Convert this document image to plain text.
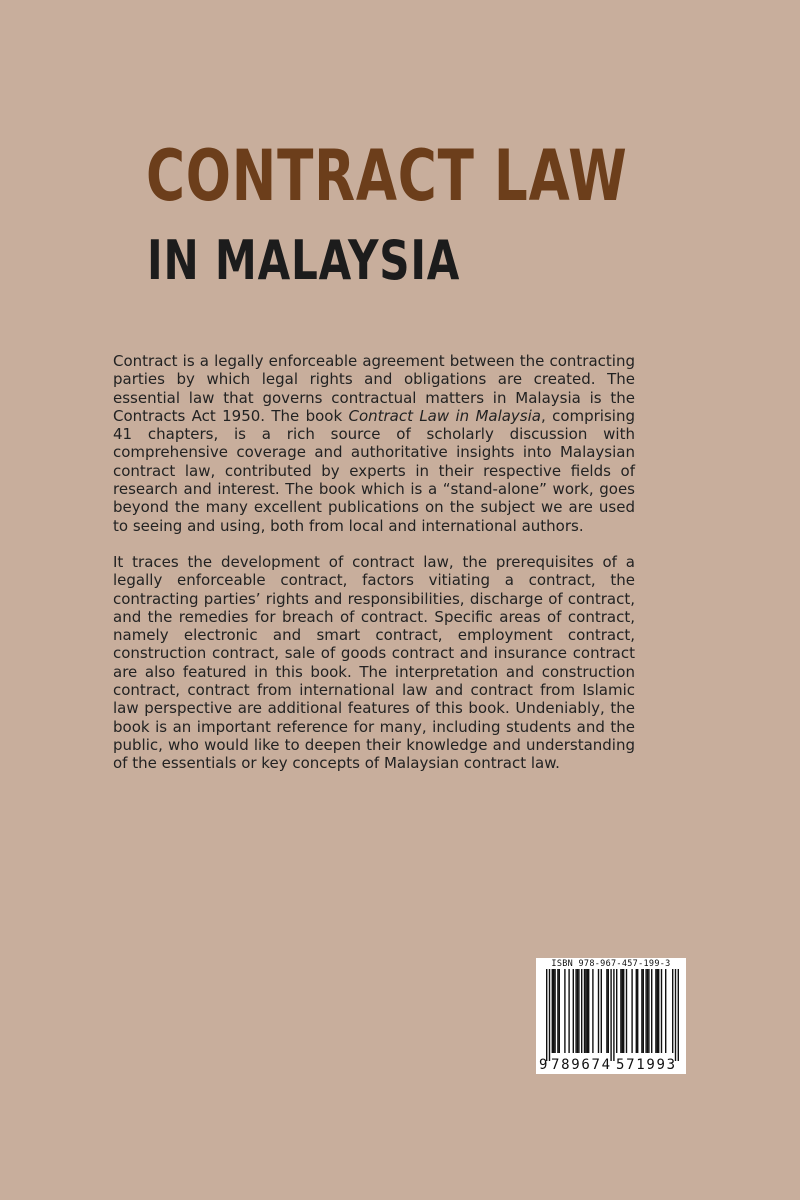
CONTRACT LAW
IN MALAYSIA

Contract is a legally enforceable agreement between the contracting parties by which legal rights and obligations are created. The essential law that governs contractual matters in Malaysia is the Contracts Act 1950. The book Contract Law in Malaysia, comprising 41 chapters, is a rich source of scholarly discussion with comprehensive coverage and authoritative insights into Malaysian contract law, contributed by experts in their respective fields of research and interest. The book which is a “stand-alone” work, goes beyond the many excellent publications on the subject we are used to seeing and using, both from local and international authors.

It traces the development of contract law, the prerequisites of a legally enforceable contract, factors vitiating a contract, the contracting parties’ rights and responsibilities, discharge of contract, and the remedies for breach of contract. Specific areas of contract, namely electronic and smart contract, employment contract, construction contract, sale of goods contract and insurance contract are also featured in this book. The interpretation and construction contract, contract from international law and contract from Islamic law perspective are additional features of this book. Undeniably, the book is an important reference for many, including students and the public, who would like to deepen their knowledge and understanding of the essentials or key concepts of Malaysian contract law.

ISBN 978-967-457-199-3
9 789674 571993
